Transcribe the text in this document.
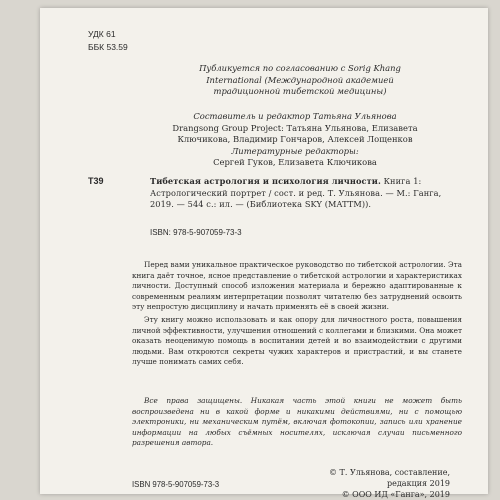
УДК 61
ББК 53.59
Публикуется по согласованию с Sorig Khang
International (Международной академией
традиционной тибетской медицины)
Составитель и редактор Татьяна Ульянова
Drangsong Group Project: Татьяна Ульянова, Елизавета
Ключикова, Владимир Гончаров, Алексей Лощенков
Литературные редакторы:
Сергей Гуков, Елизавета Ключикова
Т39	Тибетская астрология и психология личности. Книга 1: Астрологический портрет / сост. и ред. Т. Ульянова. — М.: Ганга, 2019. — 544 с.: ил. — (Библиотека SKY (MATTM)).
ISBN: 978-5-907059-73-3

Перед вами уникальное практическое руководство по тибетской астрологии. Эта книга даёт точное, ясное представление о тибетской астрологии и характеристиках личности. Доступный способ изложения материала и бережно адаптированные к современным реалиям интерпретации позволят читателю без затруднений освоить эту непростую дисциплину и начать применять её в своей жизни.

Эту книгу можно использовать и как опору для личностного роста, повышения личной эффективности, улучшения отношений с коллегами и близкими. Она может оказать неоценимую помощь в воспитании детей и во взаимодействии с другими людьми. Вам откроются секреты чужих характеров и пристрастий, и вы станете лучше понимать самих себя.

Все права защищены. Никакая часть этой книги не может быть воспроизведена ни в какой форме и никакими действиями, ни с помощью электроники, ни механическим путём, включая фотокопии, запись или хранение информации на любых съёмных носителях, исключая случаи письменного разрешения автора.
© Т. Ульянова, составление,
редакция 2019
© ООО ИД «Ганга», 2019
ISBN 978-5-907059-73-3
